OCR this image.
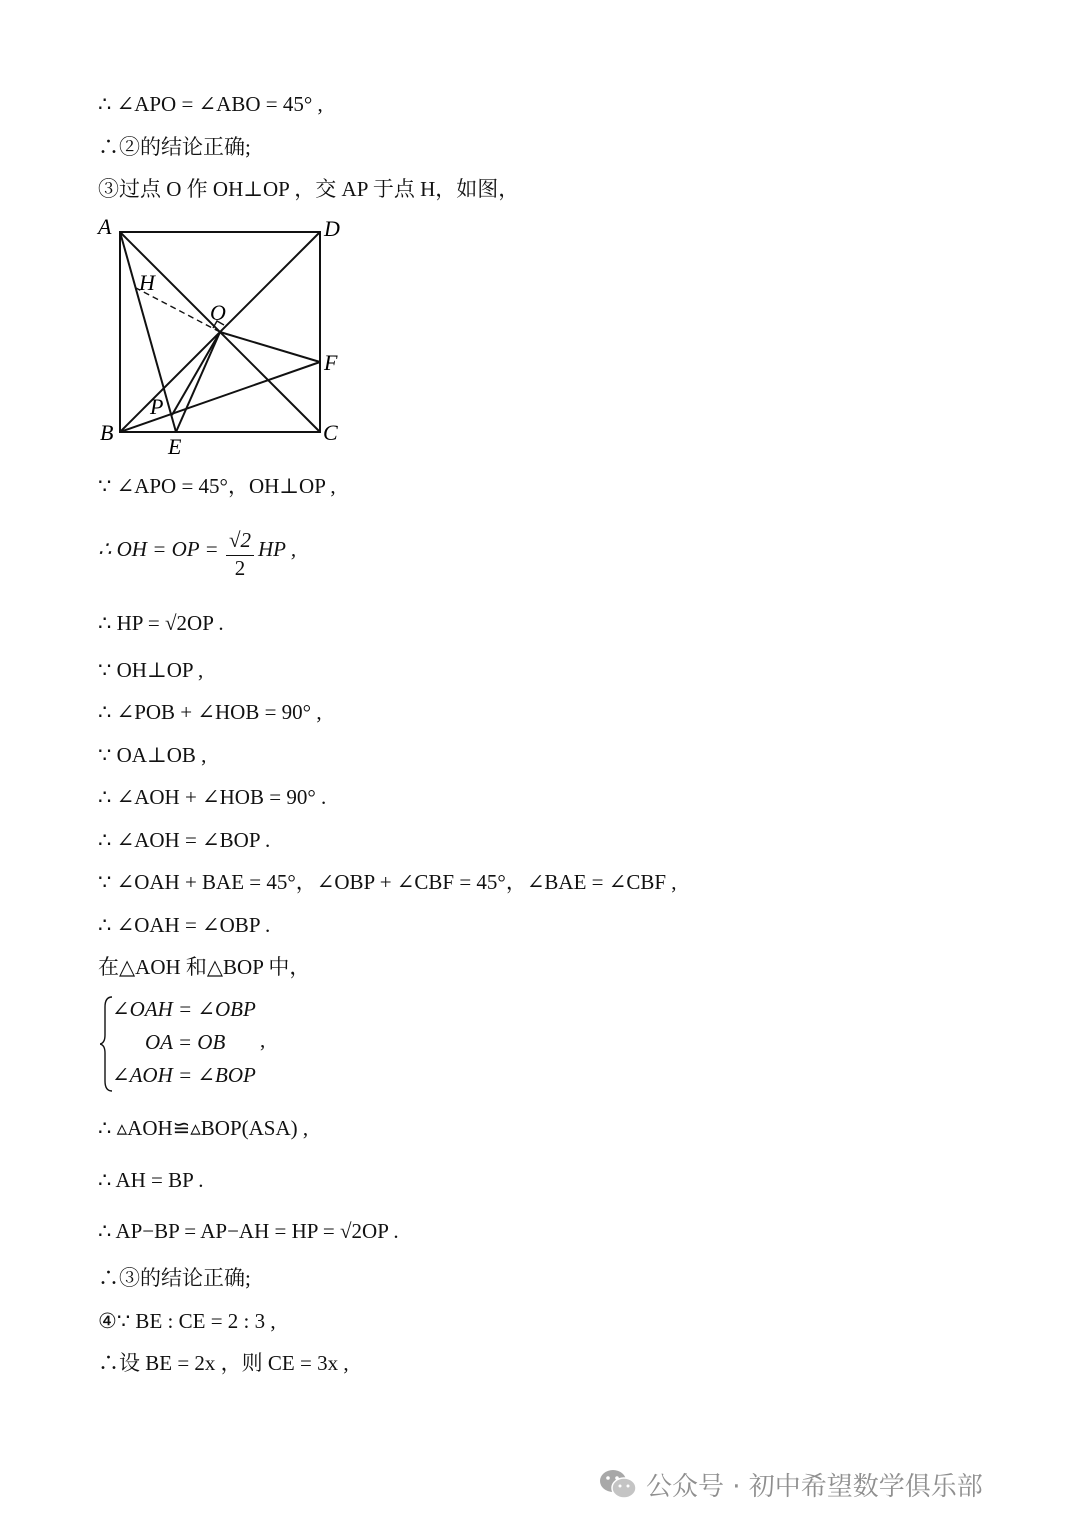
∴ ∠APO = ∠ABO = 45° ,
∴②的结论正确;
③过点 O 作 OH⊥OP ，交 AP 于点 H，如图，
∵ ∠APO = 45°，OH⊥OP ,
∴ HP = √2OP .
∵ OH⊥OP ,
∴ ∠POB + ∠HOB = 90° ,
∵ OA⊥OB ,
∴ ∠AOH + ∠HOB = 90° .
∴ ∠AOH = ∠BOP .
∵ ∠OAH + BAE = 45°，∠OBP + ∠CBF = 45°，∠BAE = ∠CBF ,
∴ ∠OAH = ∠OBP .
在△AOH 和△BOP 中，
∴ ▵AOH≌▵BOP(ASA) ,
∴ AH = BP .
∴ AP−BP = AP−AH = HP = √2OP .
∴③的结论正确;
④∵ BE : CE = 2 : 3 ,
∴设 BE = 2x ，则 CE = 3x ,
∴ OH = OP = √2
2
HP ,
∠OAH = ∠OBP
OA = OB
∠AOH = ∠BOP
,
A	D
B	C
E
F
O
H
P
公众号 · 初中希望数学俱乐部
